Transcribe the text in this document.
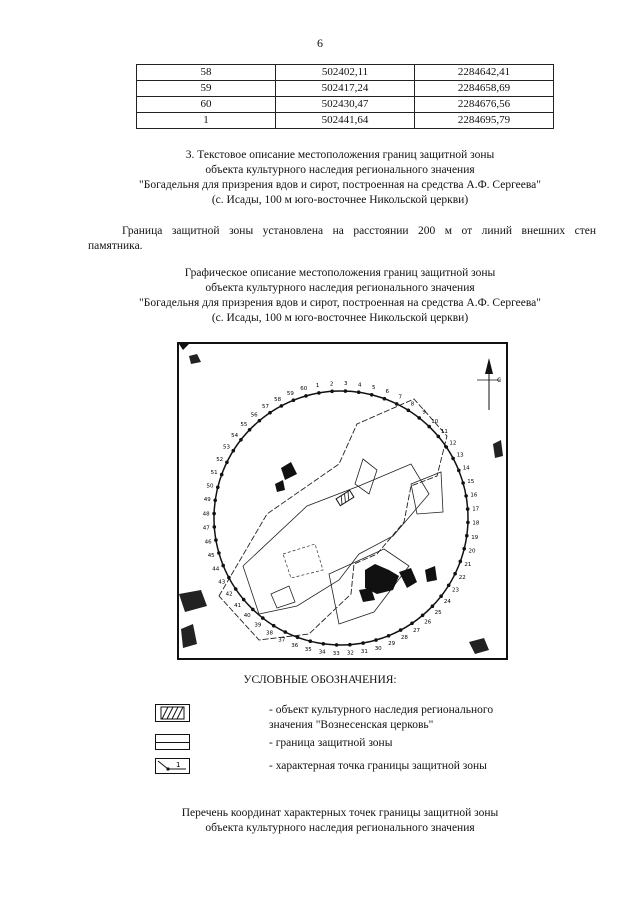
6
58	502402,11	2284642,41
59	502417,24	2284658,69
60	502430,47	2284676,56
1	502441,64	2284695,79
3. Текстовое описание местоположения границ защитной зоны
объекта культурного наследия регионального значения
"Богадельня для призрения вдов и сирот, построенная на средства А.Ф. Сергеева"
(с. Исады, 100 м юго-восточнее Никольской церкви)
Граница защитной зоны установлена на расстоянии 200 м от линий внешних стен
памятника.
Графическое описание местоположения границ защитной зоны
объекта культурного наследия регионального значения
"Богадельня для призрения вдов и сирот, построенная на средства А.Ф. Сергеева"
(с. Исады, 100 м юго-восточнее Никольской церкви)
С
1 2 3 4 5
6
7
8
9
10
11
12
13
14
15
16
17
18
19
20
21
22
23
24
25
26
27
28
29
30
31
32
33
34
35
36
37
38
39
40
41
42
43
44
45
46
47
48
49
50
51
52
53
54
55
56
57
58
59
60
УСЛОВНЫЕ ОБОЗНАЧЕНИЯ:
- объект культурного наследия регионального
значения "Вознесенская церковь"
- граница защитной зоны
1	- характерная точка границы защитной зоны
Перечень координат характерных точек границы защитной зоны
объекта культурного наследия регионального значения
